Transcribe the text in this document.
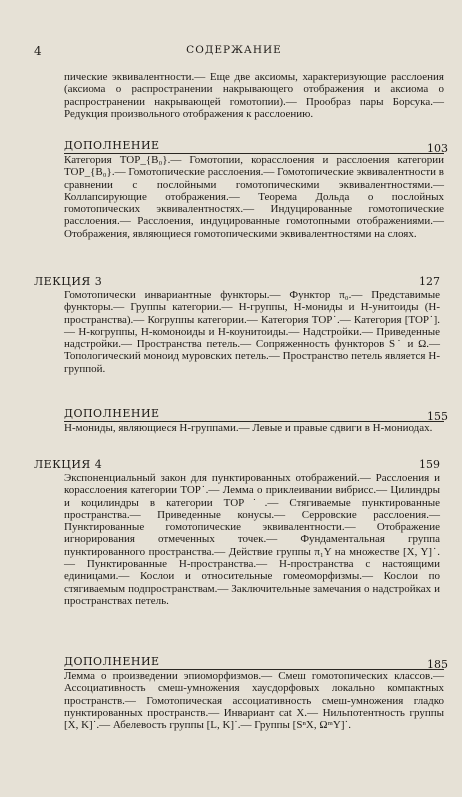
4	СОДЕРЖАНИЕ
пические эквивалентности.— Еще две аксиомы, характеризующие расслоения (аксиома о распространении накрывающего отображения и аксиома о распространении накрывающей гомотопии).— Прообраз пары Борсука.— Редукция произвольного отображения к расслоению.
ДОПОЛНЕНИЕ	103
Категория TOP_{B₀}.— Гомотопии, корасслоения и расслоения категории TOP_{B₀}.— Гомотопические расслоения.— Гомотопические эквивалентности в сравнении с послойными гомотопическими эквивалентностями.— Коллапсирующие отображения.— Теорема Дольда о послойных гомотопических эквивалентностях.— Индуцированные гомотопические расслоения.— Расслоения, индуцированные гомотопными отображениями.— Отображения, являющиеся гомотопическими эквивалентностями на слоях.
ЛЕКЦИЯ 3	127
Гомотопически инвариантные функторы.— Функтор π₀.— Представимые функторы.— Группы категории.— Н-группы, Н-мониды и Н-унитоиды (Н-пространства).— Когруппы категории.— Категория TOP˙.— Категория [TOP˙].— Н-когруппы, Н-комоноиды и Н-коунитоиды.— Надстройки.— Приведенные надстройки.— Пространства петель.— Сопряженность функторов S˙ и Ω.— Топологический моноид муровских петель.— Пространство петель является Н-группой.
ДОПОЛНЕНИЕ	155
Н-мониды, являющиеся Н-группами.— Левые и правые сдвиги в Н-мониодах.
ЛЕКЦИЯ 4	159
Экспоненциальный закон для пунктированных отображений.— Расслоения и корасслоения категории TOP˙.— Лемма о приклеивании вибрисс.— Цилиндры и коцилиндры в категории TOP˙.— Стягиваемые пунктированные пространства.— Приведенные конусы.— Серровские расслоения.— Пунктированные гомотопические эквивалентности.— Отображение игнорирования отмеченных точек.— Фундаментальная группа пунктированного пространства.— Действие группы π₁Y на множестве [X, Y]˙.— Пунктированные Н-пространства.— Н-пространства с настоящими единицами.— Кослои и относительные гомеоморфизмы.— Кослои по стягиваемым подпространствам.— Заключительные замечания о надстройках и пространствах петель.
ДОПОЛНЕНИЕ	185
Лемма о произведении эпиоморфизмов.— Смеш гомотопических классов.— Ассоциативность смеш-умножения хаусдорфовых локально компактных пространств.— Гомотопическая ассоциативность смеш-умножения гладко пунктированных пространств.— Инвариант cat X.— Нильпотентность группы [X, K]˙.— Абелевость группы [L, K]˙.— Группы [SⁿX, ΩᵐY]˙.
